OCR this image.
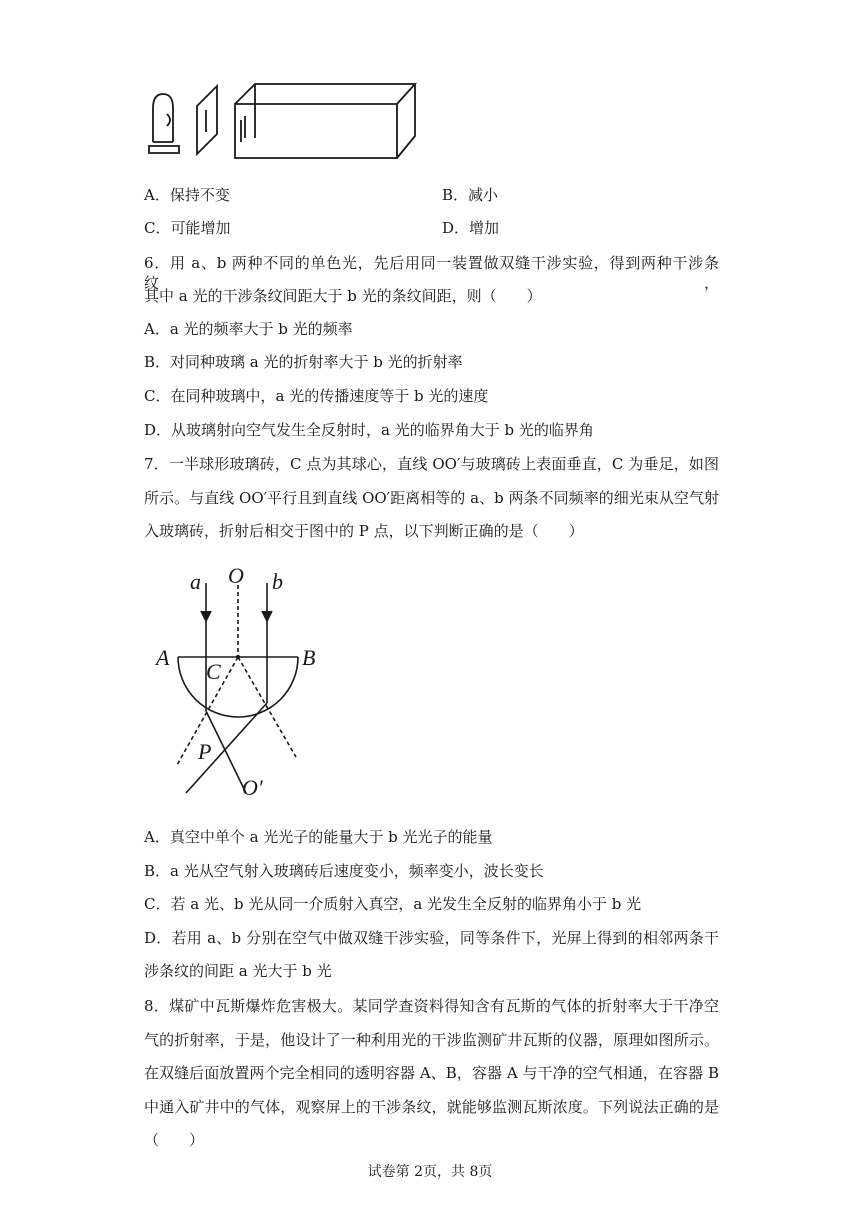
A．保持不变	B．减小
C．可能增加	D．增加
6．用 a、b 两种不同的单色光，先后用同一装置做双缝干涉实验，得到两种干涉条纹，
其中 a 光的干涉条纹间距大于 b 光的条纹间距，则（　　）
A．a 光的频率大于 b 光的频率
B．对同种玻璃 a 光的折射率大于 b 光的折射率
C．在同种玻璃中，a 光的传播速度等于 b 光的速度
D．从玻璃射向空气发生全反射时，a 光的临界角大于 b 光的临界角
7．一半球形玻璃砖，C 点为其球心，直线 OO′与玻璃砖上表面垂直，C 为垂足，如图
所示。与直线 OO′平行且到直线 OO′距离相等的 a、b 两条不同频率的细光束从空气射
入玻璃砖，折射后相交于图中的 P 点，以下判断正确的是（　　）
a O b
A	B
C
P
O′
A．真空中单个 a 光光子的能量大于 b 光光子的能量
B．a 光从空气射入玻璃砖后速度变小，频率变小，波长变长
C．若 a 光、b 光从同一介质射入真空，a 光发生全反射的临界角小于 b 光
D．若用 a、b 分别在空气中做双缝干涉实验，同等条件下，光屏上得到的相邻两条干
涉条纹的间距 a 光大于 b 光
8．煤矿中瓦斯爆炸危害极大。某同学查资料得知含有瓦斯的气体的折射率大于干净空
气的折射率，于是，他设计了一种利用光的干涉监测矿井瓦斯的仪器，原理如图所示。
在双缝后面放置两个完全相同的透明容器 A、B，容器 A 与干净的空气相通，在容器 B
中通入矿井中的气体，观察屏上的干涉条纹，就能够监测瓦斯浓度。下列说法正确的是
（　　）
试卷第 2页，共 8页
